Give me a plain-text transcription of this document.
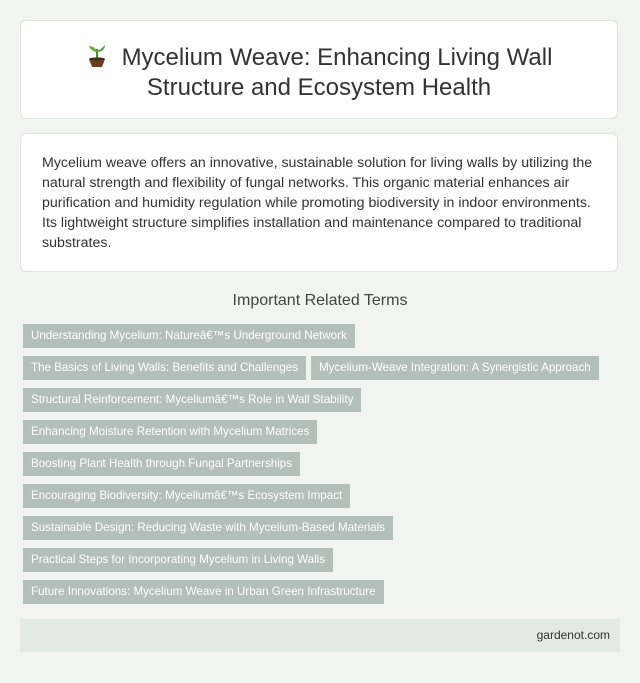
Mycelium Weave: Enhancing Living Wall
Structure and Ecosystem Health

Mycelium weave offers an innovative, sustainable solution for living walls by utilizing the natural strength and flexibility of fungal networks. This organic material enhances air purification and humidity regulation while promoting biodiversity in indoor environments. Its lightweight structure simplifies installation and maintenance compared to traditional substrates.

Important Related Terms
Understanding Mycelium: Natureâ€™s Underground Network
The Basics of Living Walls: Benefits and Challenges Mycelium-Weave Integration: A Synergistic Approach
Structural Reinforcement: Myceliumâ€™s Role in Wall Stability
Enhancing Moisture Retention with Mycelium Matrices
Boosting Plant Health through Fungal Partnerships
Encouraging Biodiversity: Myceliumâ€™s Ecosystem Impact
Sustainable Design: Reducing Waste with Mycelium-Based Materials
Practical Steps for Incorporating Mycelium in Living Walls
Future Innovations: Mycelium Weave in Urban Green Infrastructure
gardenot.com
